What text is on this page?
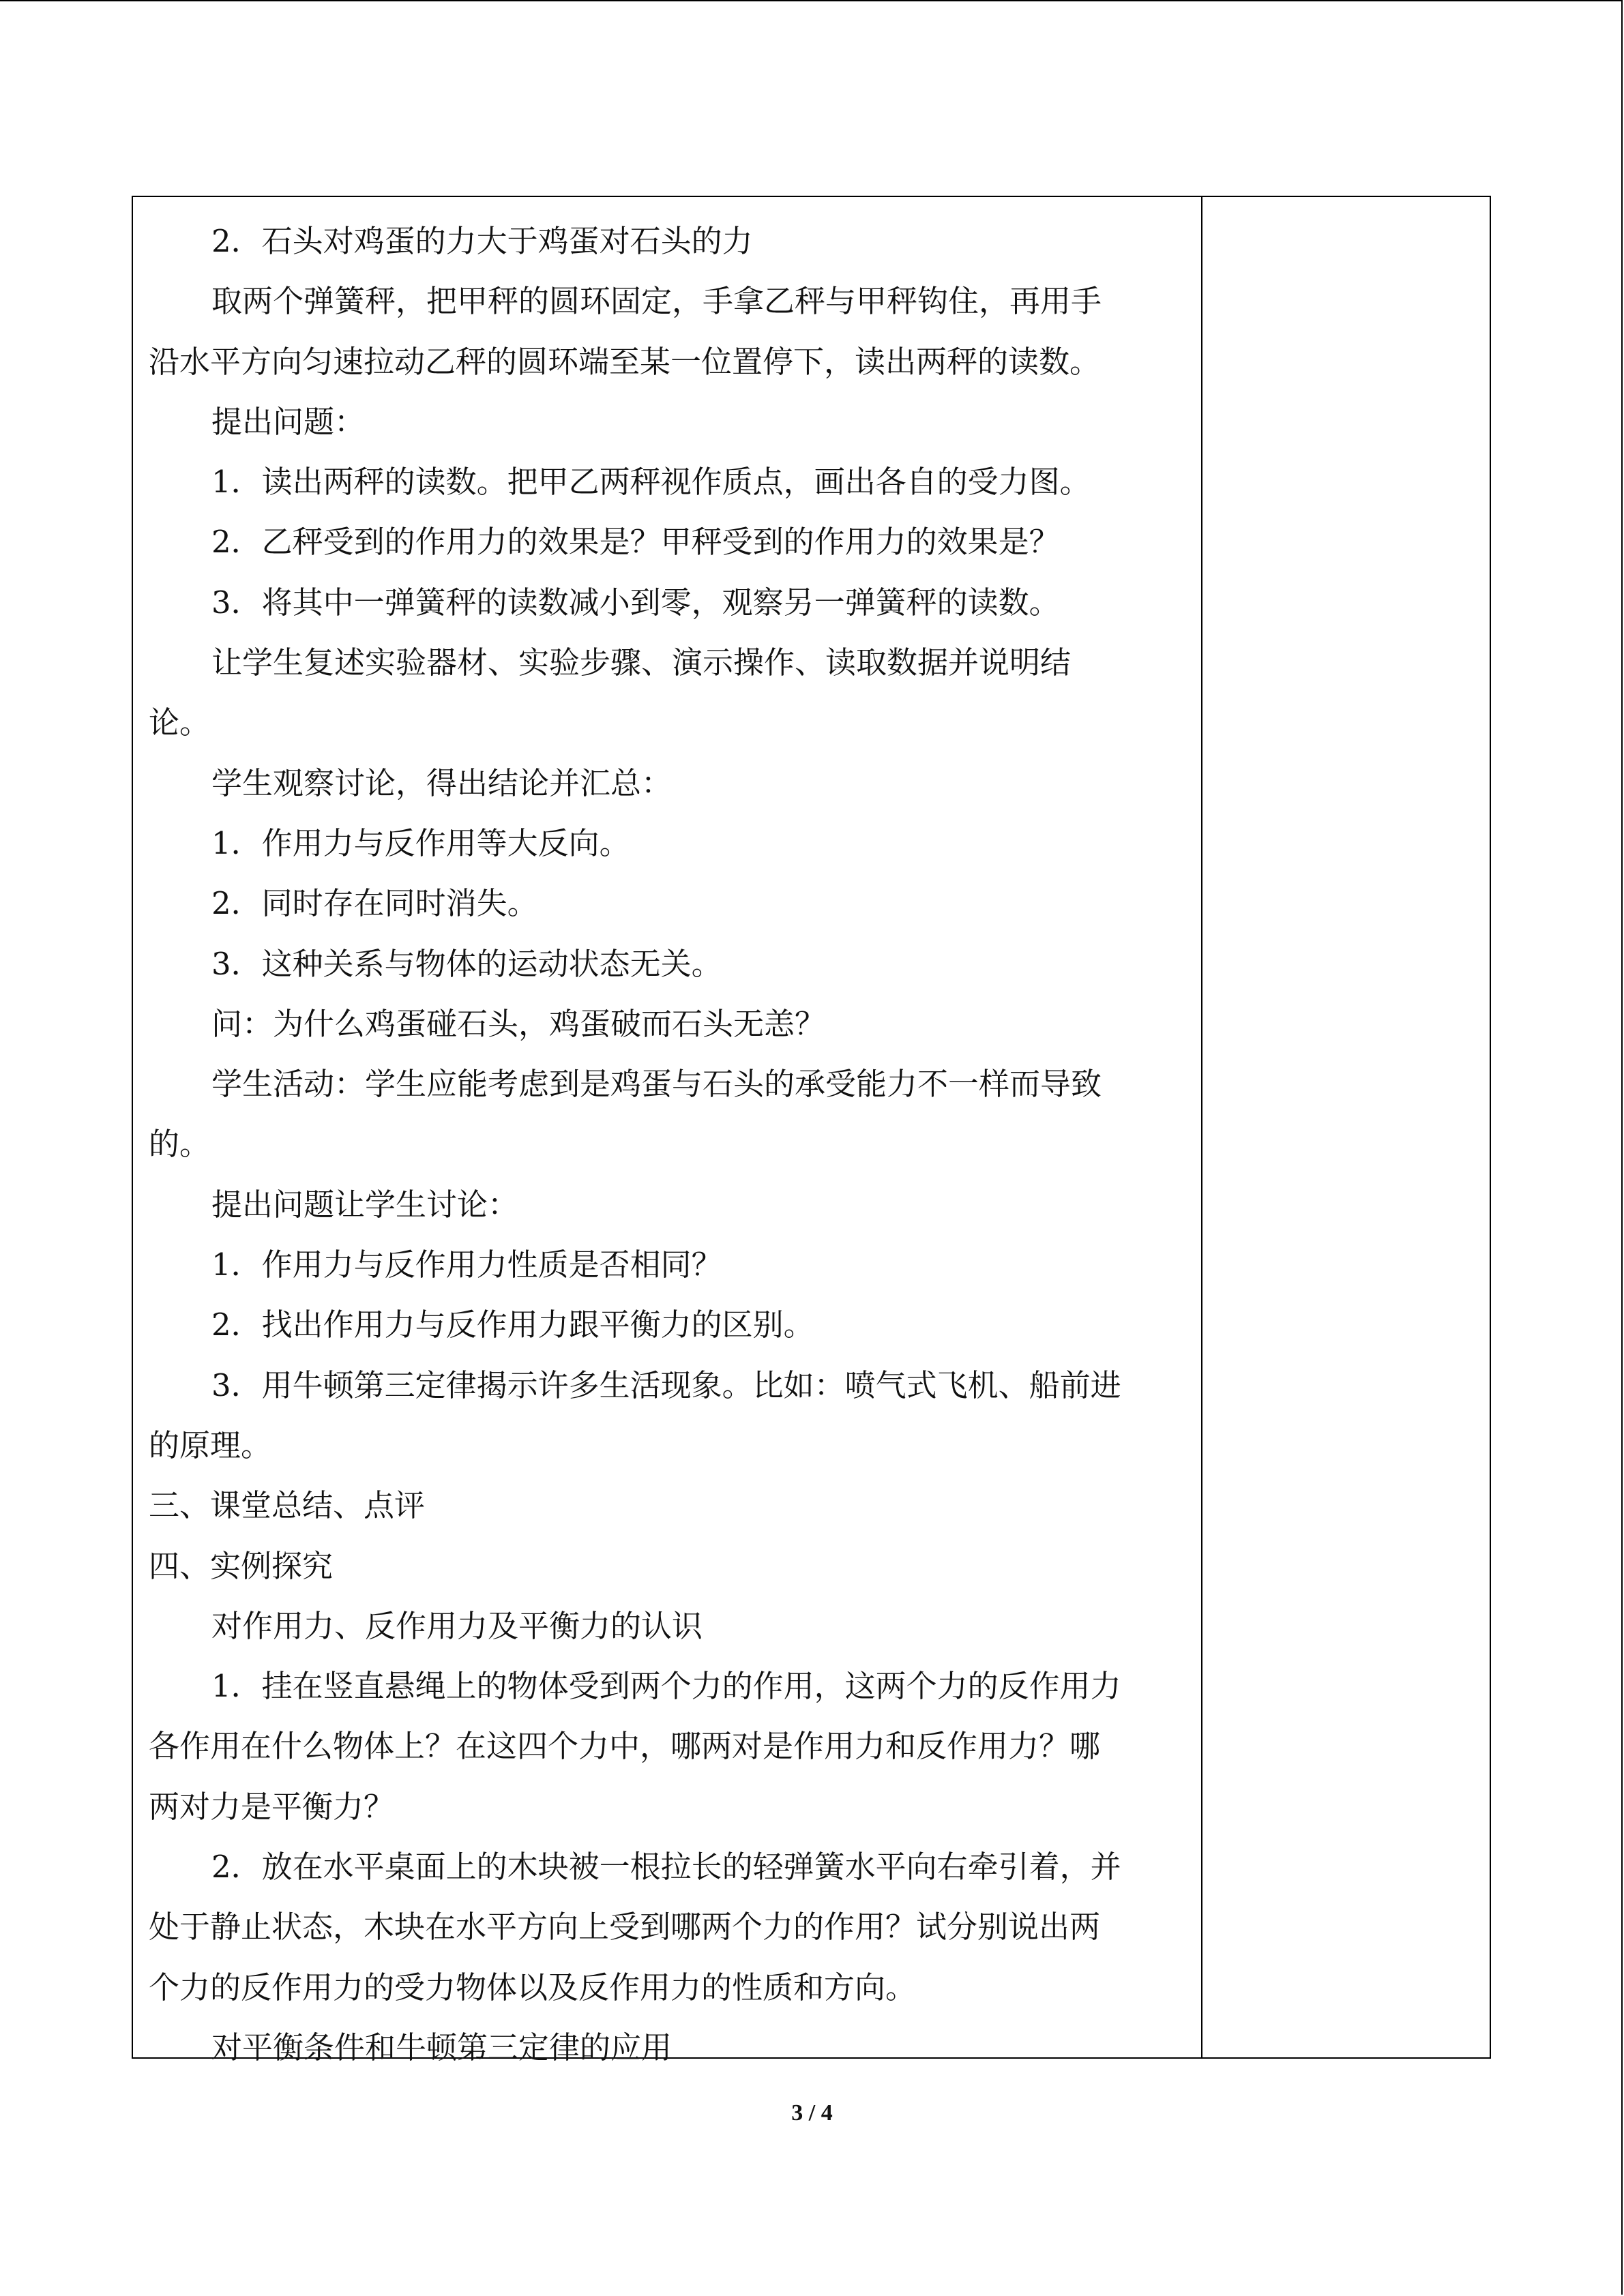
2．石头对鸡蛋的力大于鸡蛋对石头的力
取两个弹簧秤，把甲秤的圆环固定，手拿乙秤与甲秤钩住，再用手
沿水平方向匀速拉动乙秤的圆环端至某一位置停下，读出两秤的读数。
提出问题：
1．读出两秤的读数。把甲乙两秤视作质点，画出各自的受力图。
2．乙秤受到的作用力的效果是？甲秤受到的作用力的效果是？
3．将其中一弹簧秤的读数减小到零，观察另一弹簧秤的读数。
让学生复述实验器材、实验步骤、演示操作、读取数据并说明结
论。
学生观察讨论，得出结论并汇总：
1．作用力与反作用等大反向。
2．同时存在同时消失。
3．这种关系与物体的运动状态无关。
问：为什么鸡蛋碰石头，鸡蛋破而石头无恙？
学生活动：学生应能考虑到是鸡蛋与石头的承受能力不一样而导致
的。
提出问题让学生讨论：
1．作用力与反作用力性质是否相同？
2．找出作用力与反作用力跟平衡力的区别。
3．用牛顿第三定律揭示许多生活现象。比如：喷气式飞机、船前进
的原理。
三、课堂总结、点评
四、实例探究
对作用力、反作用力及平衡力的认识
1．挂在竖直悬绳上的物体受到两个力的作用，这两个力的反作用力
各作用在什么物体上？在这四个力中，哪两对是作用力和反作用力？哪
两对力是平衡力？
2．放在水平桌面上的木块被一根拉长的轻弹簧水平向右牵引着，并
处于静止状态，木块在水平方向上受到哪两个力的作用？试分别说出两
个力的反作用力的受力物体以及反作用力的性质和方向。
对平衡条件和牛顿第三定律的应用
3 / 4
